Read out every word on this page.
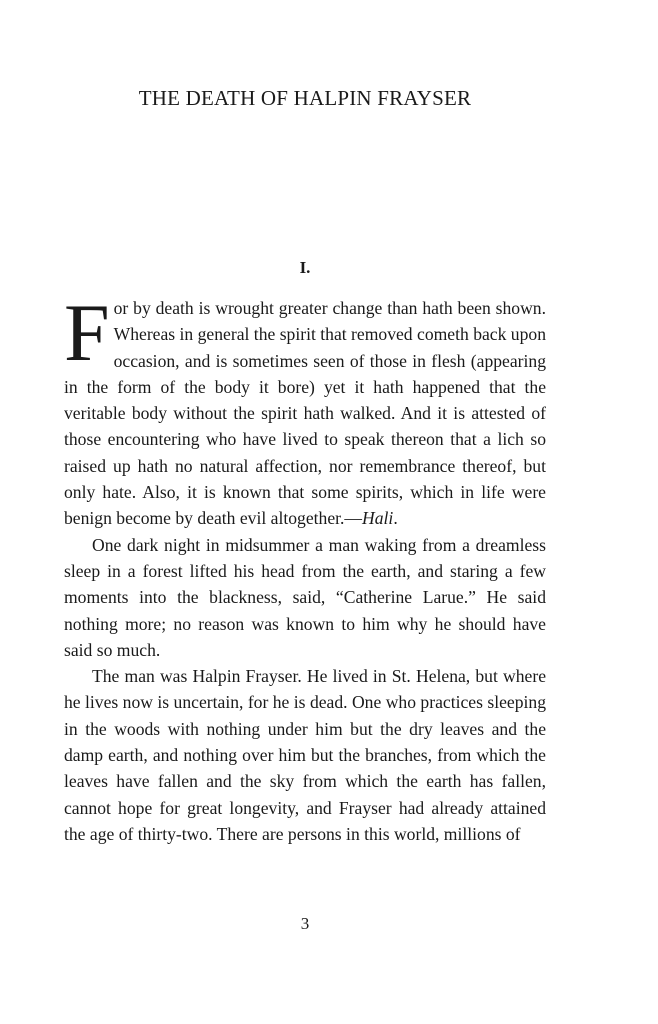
THE DEATH OF HALPIN FRAYSER
I.

For by death is wrought greater change than hath been shown. Whereas in general the spirit that removed cometh back upon occasion, and is sometimes seen of those in flesh (appearing in the form of the body it bore) yet it hath happened that the veritable body without the spirit hath walked. And it is attested of those encountering who have lived to speak thereon that a lich so raised up hath no natural affection, nor remembrance thereof, but only hate. Also, it is known that some spirits, which in life were benign become by death evil altogether.—Hali.

One dark night in midsummer a man waking from a dreamless sleep in a forest lifted his head from the earth, and staring a few moments into the blackness, said, “Catherine Larue.” He said nothing more; no reason was known to him why he should have said so much.

The man was Halpin Frayser. He lived in St. Helena, but where he lives now is uncertain, for he is dead. One who practices sleeping in the woods with nothing under him but the dry leaves and the damp earth, and nothing over him but the branches, from which the leaves have fallen and the sky from which the earth has fallen, cannot hope for great longevity, and Frayser had already attained the age of thirty-two. There are persons in this world, millions of

3
